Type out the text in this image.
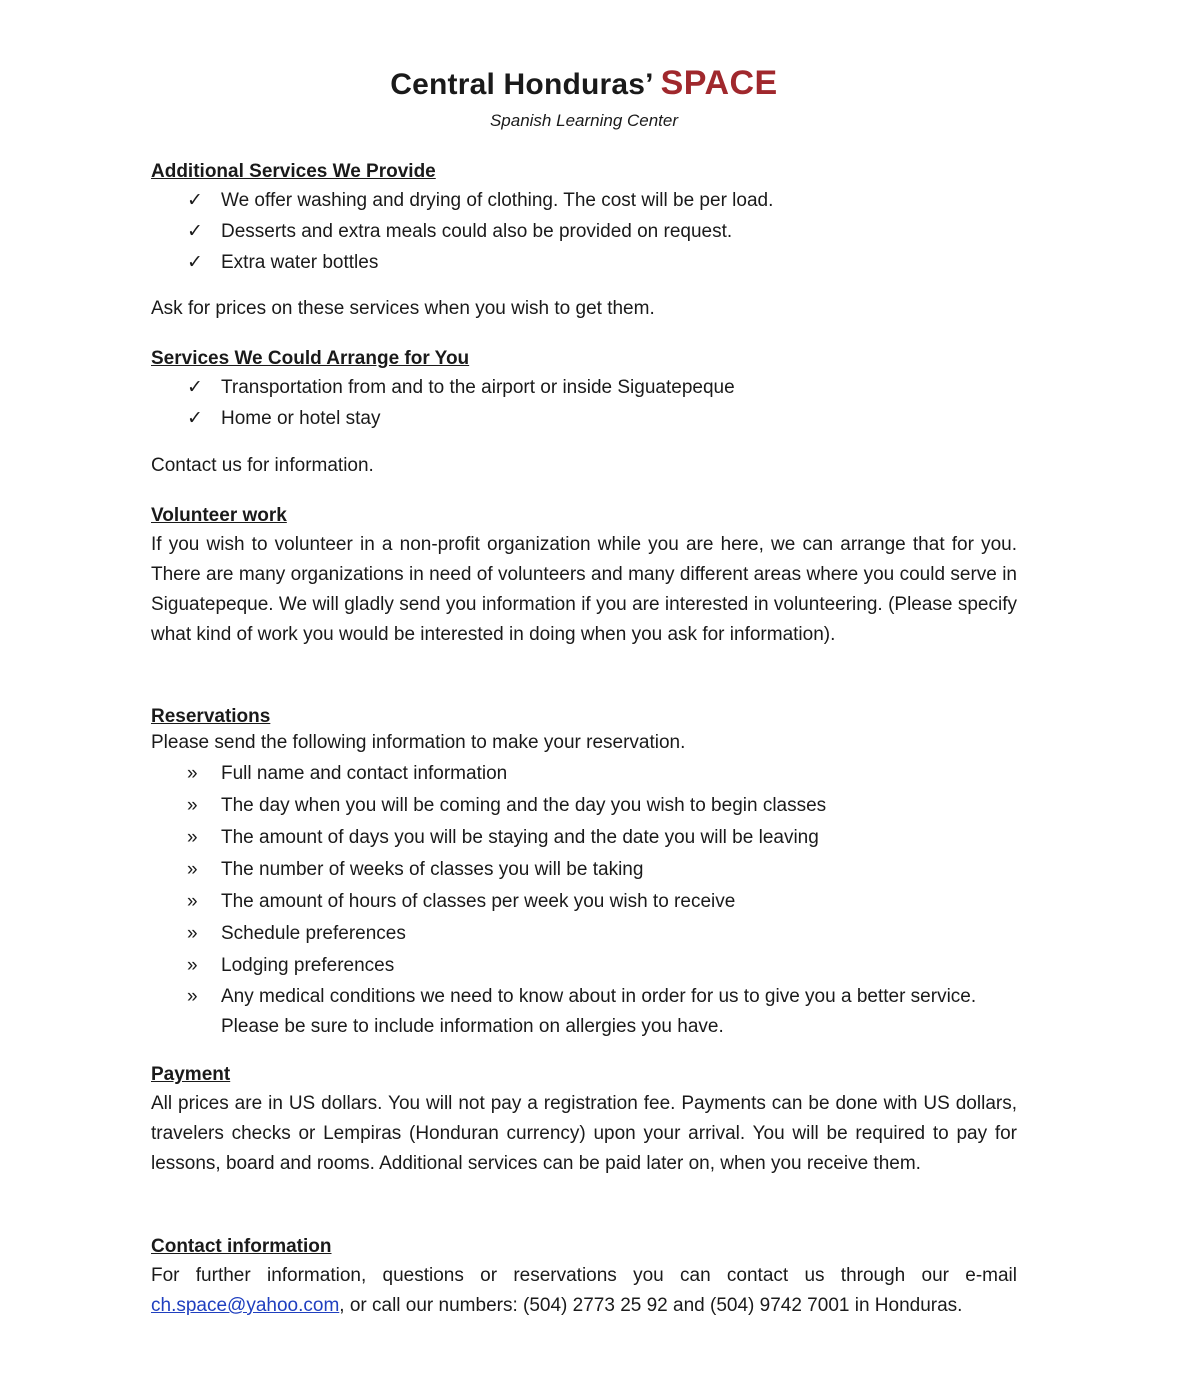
Central Honduras’ SPACE
Spanish Learning Center
Additional Services We Provide
✓ We offer washing and drying of clothing. The cost will be per load.
✓ Desserts and extra meals could also be provided on request.
✓ Extra water bottles

Ask for prices on these services when you wish to get them.

Services We Could Arrange for You
✓ Transportation from and to the airport or inside Siguatepeque
✓ Home or hotel stay

Contact us for information.

Volunteer work

If you wish to volunteer in a non-profit organization while you are here, we can arrange that for you. There are many organizations in need of volunteers and many different areas where you could serve in Siguatepeque. We will gladly send you information if you are interested in volunteering. (Please specify what kind of work you would be interested in doing when you ask for information).

Reservations

Please send the following information to make your reservation.

»	Full name and contact information
»	The day when you will be coming and the day you wish to begin classes
»	The amount of days you will be staying and the date you will be leaving
»	The number of weeks of classes you will be taking
»	The amount of hours of classes per week you wish to receive
»	Schedule preferences
»	Lodging preferences
»	Any medical conditions we need to know about in order for us to give you a better service. Please be sure to include information on allergies you have.
Payment

All prices are in US dollars. You will not pay a registration fee. Payments can be done with US dollars, travelers checks or Lempiras (Honduran currency) upon your arrival. You will be required to pay for lessons, board and rooms. Additional services can be paid later on, when you receive them.

Contact information

For further information, questions or reservations you can contact us through our e-mail ch.space@yahoo.com, or call our numbers: (504) 2773 25 92 and (504) 9742 7001 in Honduras.
